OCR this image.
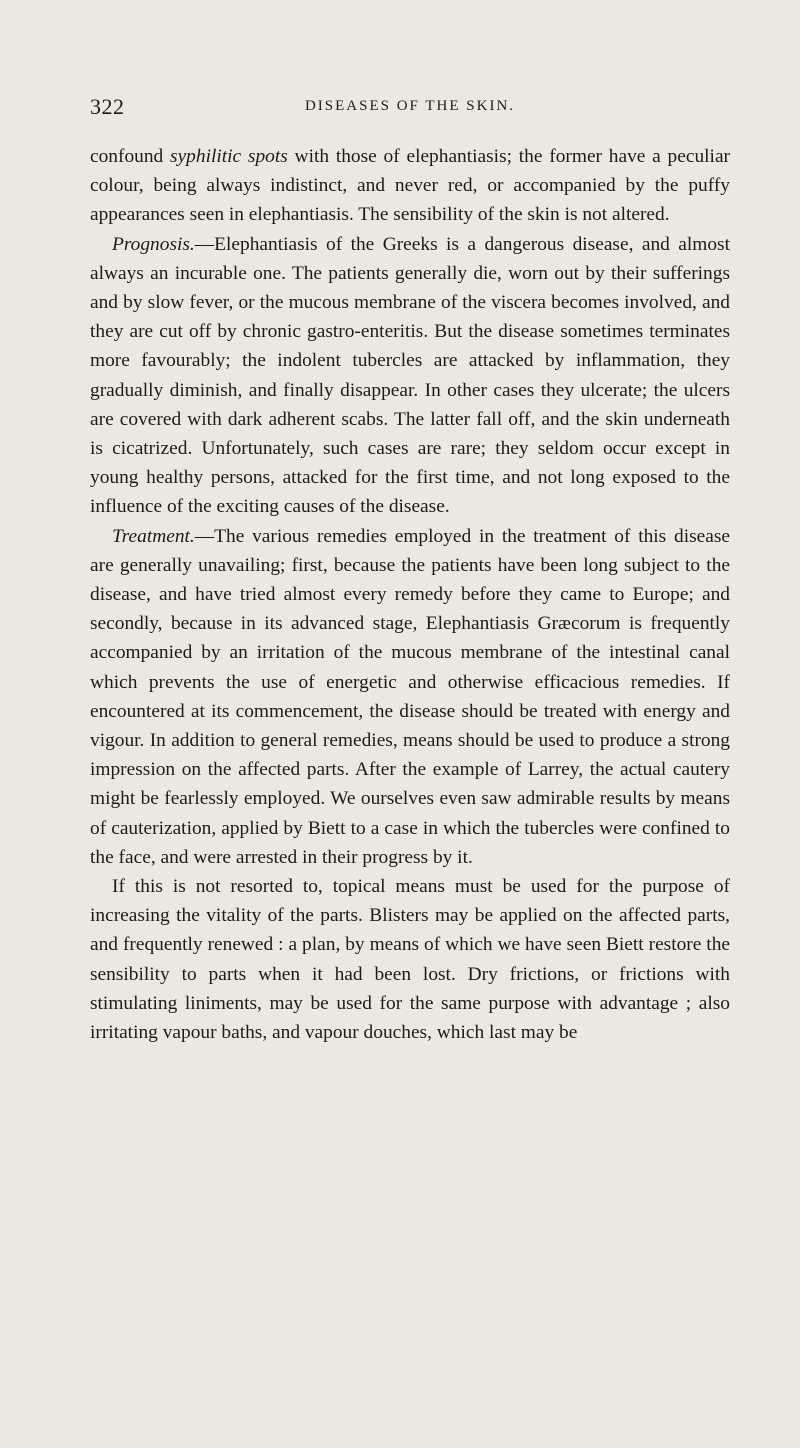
322	DISEASES OF THE SKIN.

confound syphilitic spots with those of elephantiasis; the former have a peculiar colour, being always indistinct, and never red, or accompanied by the puffy appearances seen in elephantiasis. The sensibility of the skin is not altered.

Prognosis.—Elephantiasis of the Greeks is a dangerous disease, and almost always an incurable one. The patients generally die, worn out by their sufferings and by slow fever, or the mucous membrane of the viscera becomes involved, and they are cut off by chronic gastro-enteritis. But the disease sometimes terminates more favourably; the indolent tubercles are attacked by inflammation, they gradually diminish, and finally disappear. In other cases they ulcerate; the ulcers are covered with dark adherent scabs. The latter fall off, and the skin underneath is cicatrized. Unfortunately, such cases are rare; they seldom occur except in young healthy persons, attacked for the first time, and not long exposed to the influence of the exciting causes of the disease.

Treatment.—The various remedies employed in the treatment of this disease are generally unavailing; first, because the patients have been long subject to the disease, and have tried almost every remedy before they came to Europe; and secondly, because in its advanced stage, Elephantiasis Græcorum is frequently accompanied by an irritation of the mucous membrane of the intestinal canal which prevents the use of energetic and otherwise efficacious remedies. If encountered at its commencement, the disease should be treated with energy and vigour. In addition to general remedies, means should be used to produce a strong impression on the affected parts. After the example of Larrey, the actual cautery might be fearlessly employed. We ourselves even saw admirable results by means of cauterization, applied by Biett to a case in which the tubercles were confined to the face, and were arrested in their progress by it.

If this is not resorted to, topical means must be used for the purpose of increasing the vitality of the parts. Blisters may be applied on the affected parts, and frequently renewed : a plan, by means of which we have seen Biett restore the sensibility to parts when it had been lost. Dry frictions, or frictions with stimulating liniments, may be used for the same purpose with advantage ; also irritating vapour baths, and vapour douches, which last may be
